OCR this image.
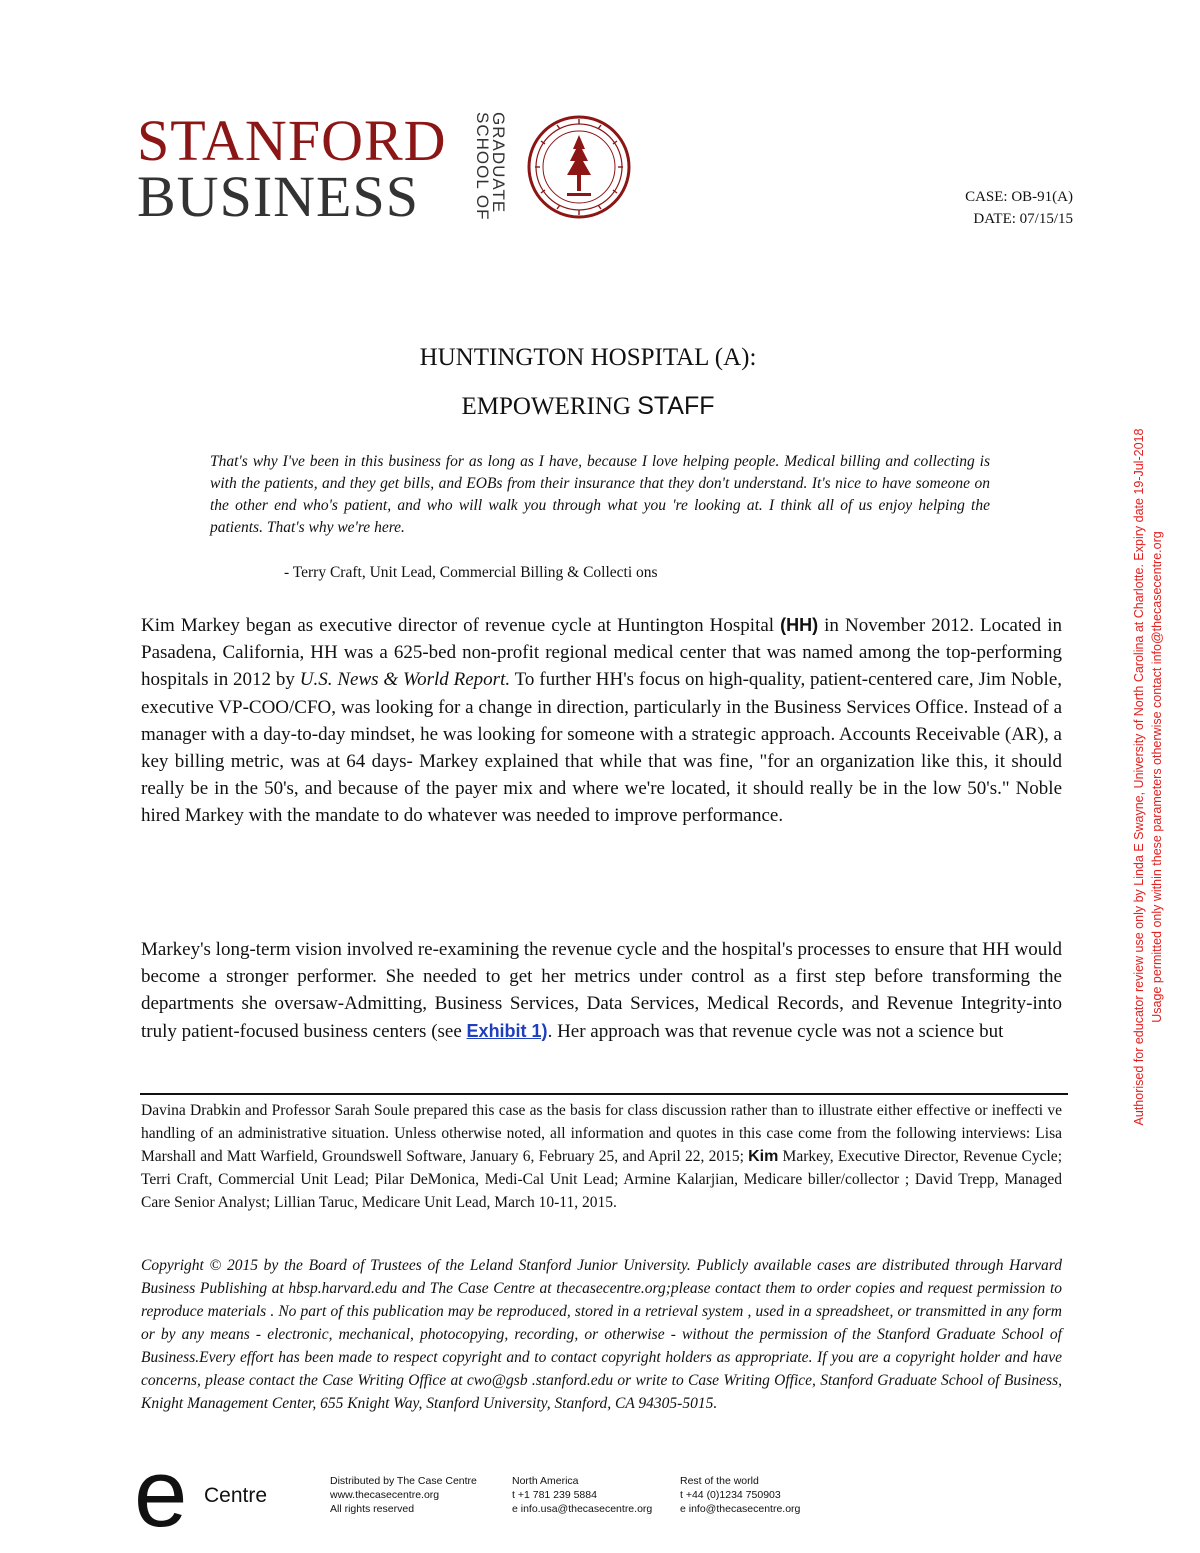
STANFORD
BUSINESS	GRADUATE
SCHOOL OF	CASE: OB-91(A)
DATE: 07/15/15
HUNTINGTON HOSPITAL (A):
EMPOWERING STAFF
That's why I've been in this business for as long as I have, because I love helping people. Medical billing and collecting is with the patients, and they get bills, and EOBs from their insurance that they don't understand. It's nice to have someone on the other end who's patient, and who will walk you through what you 're looking at. I think all of us enjoy helping the patients. That's why we're here.
- Terry Craft, Unit Lead, Commercial Billing & Collecti ons
Kim Markey began as executive director of revenue cycle at Huntington Hospital (HH) in November 2012. Located in Pasadena, California, HH was a 625-bed non-profit regional medical center that was named among the top-performing hospitals in 2012 by U.S. News & World Report. To further HH's focus on high-quality, patient-centered care, Jim Noble, executive VP-COO/CFO, was looking for a change in direction, particularly in the Business Services Office. Instead of a manager with a day-to-day mindset, he was looking for someone with a strategic approach. Accounts Receivable (AR), a key billing metric, was at 64 days- Markey explained that while that was fine, "for an organization like this, it should really be in the 50's, and because of the payer mix and where we're located, it should really be in the low 50's." Noble hired Markey with the mandate to do whatever was needed to improve performance.
Markey's long-term vision involved re-examining the revenue cycle and the hospital's processes to ensure that HH would become a stronger performer. She needed to get her metrics under control as a first step before transforming the departments she oversaw-Admitting, Business Services, Data Services, Medical Records, and Revenue Integrity-into truly patient-focused business centers (see Exhibit 1). Her approach was that revenue cycle was not a science but
Davina Drabkin and Professor Sarah Soule prepared this case as the basis for class discussion rather than to illustrate either effective or ineffecti ve handling of an administrative situation. Unless otherwise noted, all information and quotes in this case come from the following interviews: Lisa Marshall and Matt Warfield, Groundswell Software, January 6, February 25, and April 22, 2015; Kim Markey, Executive Director, Revenue Cycle; Terri Craft, Commercial Unit Lead; Pilar DeMonica, Medi-Cal Unit Lead; Armine Kalarjian, Medicare biller/collector ; David Trepp, Managed Care Senior Analyst; Lillian Taruc, Medicare Unit Lead, March 10-11, 2015.
Copyright © 2015 by the Board of Trustees of the Leland Stanford Junior University. Publicly available cases are distributed through Harvard Business Publishing at hbsp.harvard.edu and The Case Centre at thecasecentre.org;please contact them to order copies and request permission to reproduce materials . No part of this publication may be reproduced, stored in a retrieval system , used in a spreadsheet, or transmitted in any form or by any means - electronic, mechanical, photocopying, recording, or otherwise - without the permission of the Stanford Graduate School of Business.Every effort has been made to respect copyright and to contact copyright holders as appropriate. If you are a copyright holder and have concerns, please contact the Case Writing Office at cwo@gsb .stanford.edu or write to Case Writing Office, Stanford Graduate School of Business, Knight Management Center, 655 Knight Way, Stanford University, Stanford, CA 94305-5015.
e Centre
Distributed by The Case Centre
www.thecasecentre.org
All rights reserved
North America
t +1 781 239 5884
e info.usa@thecasecentre.org
Rest of the world
t +44 (0)1234 750903
e info@thecasecentre.org
Authorised for educator review use only by Linda E Swayne, University of North Carolina at Charlotte. Expiry date 19-Jul-2018 Usage permitted only within these parameters otherwise contact info@thecasecentre.org
